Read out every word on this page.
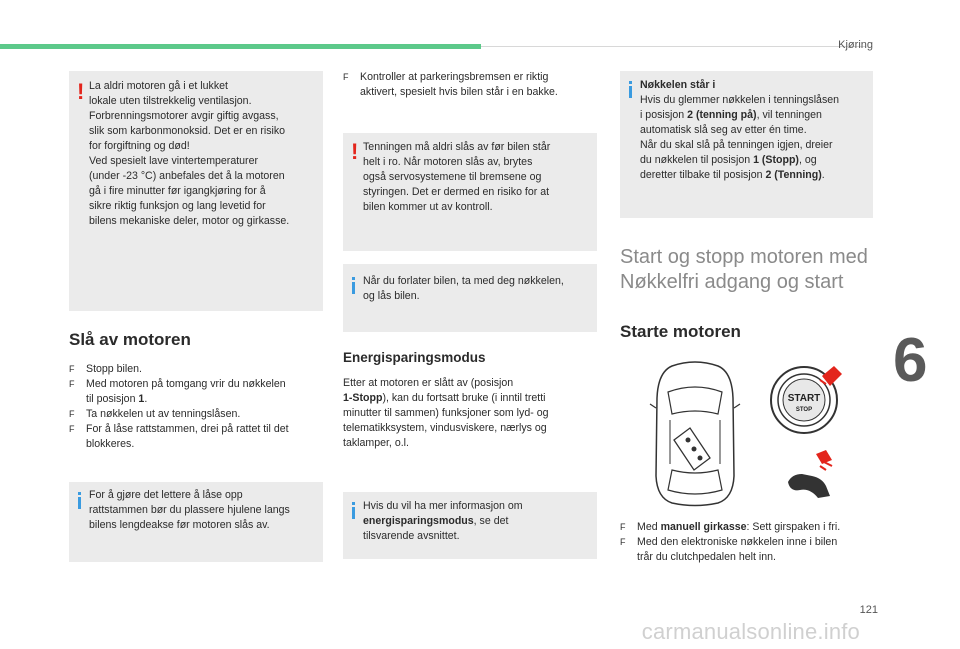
Kjøring
6
! La aldri motoren gå i et lukket

lokale uten tilstrekkelig ventilasjon.

Forbrenningsmotorer avgir giftig avgass,

slik som karbonmonoksid. Det er en risiko

for forgiftning og død!

Ved spesielt lave vintertemperaturer

(under -23 °C) anbefales det å la motoren

gå i fire minutter før igangkjøring for å

sikre riktig funksjon og lang levetid for

bilens mekaniske deler, motor og girkasse.

Slå av motoren
F Stopp bilen.
F Med motoren på tomgang vrir du nøkkelen
til posisjon 1.
F Ta nøkkelen ut av tenningslåsen.
F For å låse rattstammen, drei på rattet til det
blokkeres.

For å gjøre det lettere å låse opp

rattstammen bør du plassere hjulene langs

bilens lengdeakse før motoren slås av.

F Kontroller at parkeringsbremsen er riktig
aktivert, spesielt hvis bilen står i en bakke.
! Tenningen må aldri slås av før bilen står

helt i ro. Når motoren slås av, brytes

også servosystemene til bremsene og

styringen. Det er dermed en risiko for at

bilen kommer ut av kontroll.

Når du forlater bilen, ta med deg nøkkelen,

og lås bilen.

Energisparingsmodus

Etter at motoren er slått av (posisjon

1-Stopp), kan du fortsatt bruke (i inntil tretti

minutter til sammen) funksjoner som lyd- og

telematikksystem, vindusviskere, nærlys og

taklamper, o.l.

Hvis du vil ha mer informasjon om

energisparingsmodus, se det

tilsvarende avsnittet.

Nøkkelen står i

Hvis du glemmer nøkkelen i tenningslåsen

i posisjon 2 (tenning på), vil tenningen

automatisk slå seg av etter én time.

Når du skal slå på tenningen igjen, dreier

du nøkkelen til posisjon 1 (Stopp), og

deretter tilbake til posisjon 2 (Tenning).

Start og stopp motoren med

Nøkkelfri adgang og start

Starte motoren
START
STOP
F Med manuell girkasse: Sett girspaken i fri.
F Med den elektroniske nøkkelen inne i bilen
trår du clutchpedalen helt inn.
121
carmanualsonline.info
